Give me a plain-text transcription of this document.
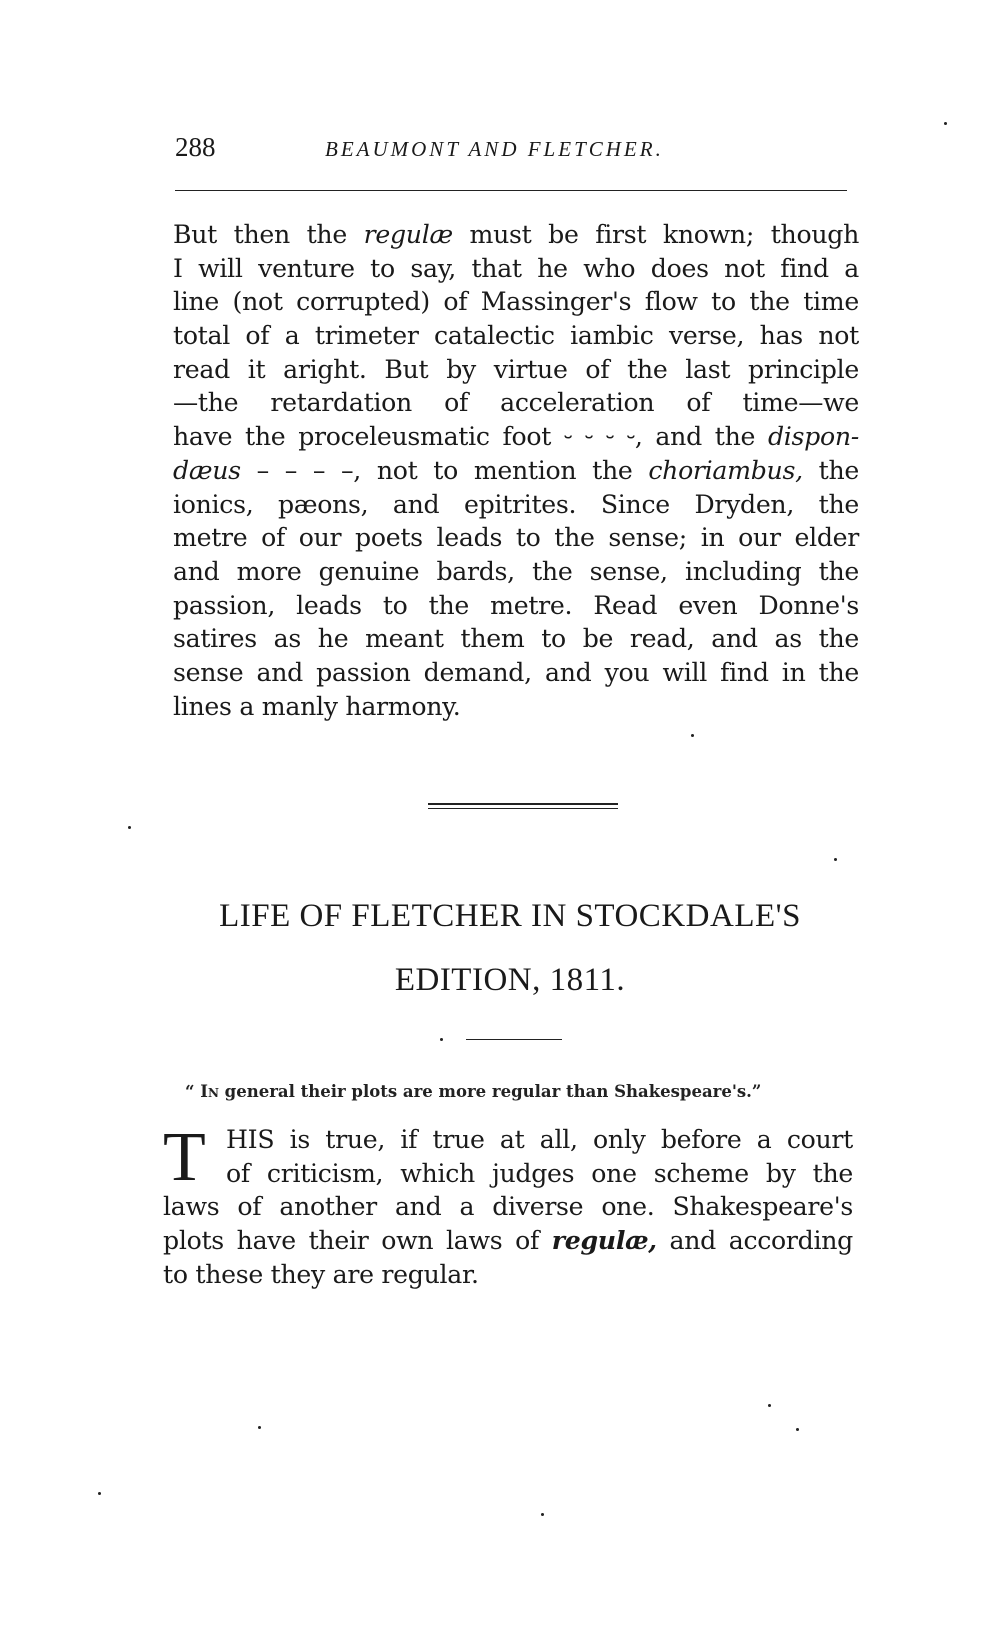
288	BEAUMONT AND FLETCHER.
But then the regulæ must be first known; though
I will venture to say, that he who does not find a
line (not corrupted) of Massinger's flow to the time
total of a trimeter catalectic iambic verse, has not
read it aright. But by virtue of the last principle
—the retardation of acceleration of time—we
have the proceleusmatic foot ⏑ ⏑ ⏑ ⏑, and the dispon-
dæus – – – –, not to mention the choriambus, the
ionics, pæons, and epitrites. Since Dryden, the
metre of our poets leads to the sense; in our elder
and more genuine bards, the sense, including the
passion, leads to the metre. Read even Donne's
satires as he meant them to be read, and as the
sense and passion demand, and you will find in the
lines a manly harmony.
LIFE OF FLETCHER IN STOCKDALE'S
EDITION, 1811.
“ In general their plots are more regular than Shakespeare's.”
T HIS is true, if true at all, only before a court
of criticism, which judges one scheme by the
laws of another and a diverse one. Shakespeare's
plots have their own laws of regulæ, and according
to these they are regular.
